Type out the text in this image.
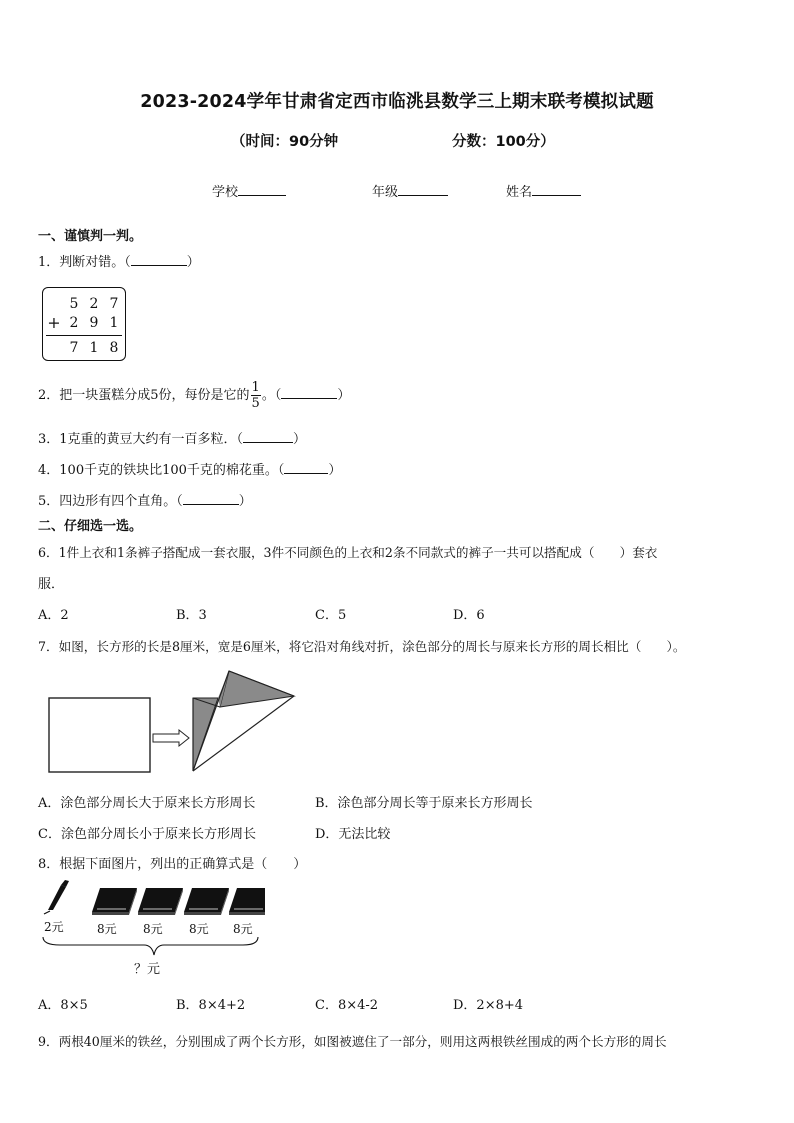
2023-2024学年甘肃省定西市临洮县数学三上期末联考模拟试题
（时间：90分钟	分数：100分）
学校	年级	姓名
一、谨慎判一判。
1．判断对错。（	）
5 2 7
+ 2 9 1
7 1 8
2．把一块蛋糕分成5份，每份是它的 $\frac{1}{5}$ 。（	）
3．1克重的黄豆大约有一百多粒．（	）
4．100千克的铁块比100千克的棉花重。（	）
5．四边形有四个直角。（	）
二、仔细选一选。
6．1件上衣和1条裤子搭配成一套衣服，3件不同颜色的上衣和2条不同款式的裤子一共可以搭配成（　　）套衣
服．
A．2	B．3	C．5	D．6
7．如图，长方形的长是8厘米，宽是6厘米，将它沿对角线对折，涂色部分的周长与原来长方形的周长相比（　　）。
A．涂色部分周长大于原来长方形周长	B．涂色部分周长等于原来长方形周长
C．涂色部分周长小于原来长方形周长	D．无法比较
8．根据下面图片，列出的正确算式是（　　）
2元	8元 8元 8元 8元
？元
A．8×5	B．8×4+2	C．8×4-2	D．2×8+4
9．两根40厘米的铁丝，分别围成了两个长方形，如图被遮住了一部分，则用这两根铁丝围成的两个长方形的周长
